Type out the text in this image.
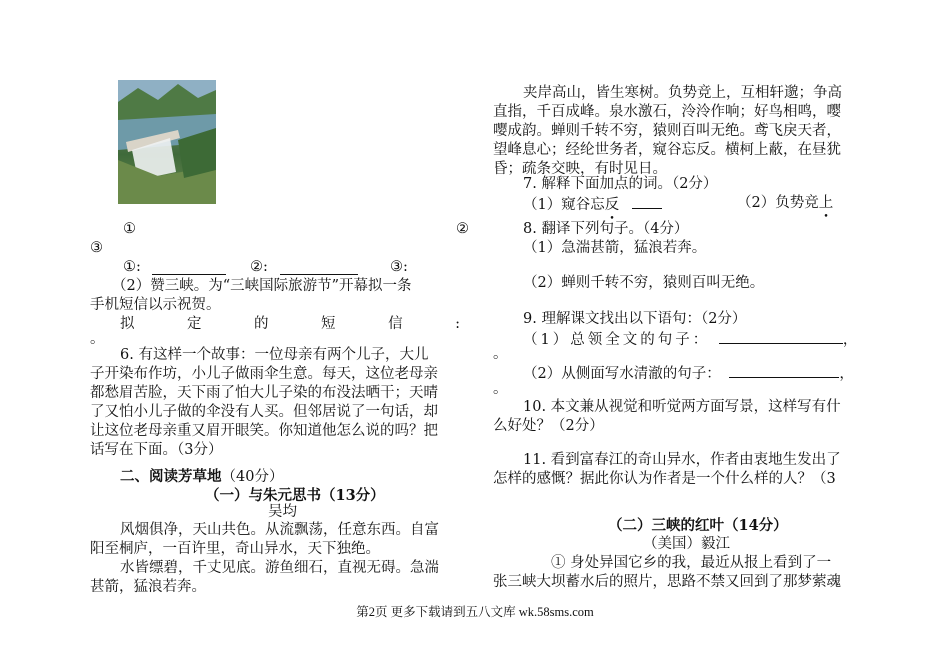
①	②
③
①:	②:	③:
（2）赞三峡。为“三峡国际旅游节”开幕拟一条
手机短信以示祝贺。
拟	定	的	短	信	:
。
6. 有这样一个故事：一位母亲有两个儿子，大儿
子开染布作坊，小儿子做雨伞生意。每天，这位老母亲
都愁眉苦脸，天下雨了怕大儿子染的布没法晒干；天晴
了又怕小儿子做的伞没有人买。但邻居说了一句话，却
让这位老母亲重又眉开眼笑。你知道他怎么说的吗？把
话写在下面。（3分）
二、阅读芳草地（40分）
（一）与朱元思书（13分）
吴均
风烟俱净，天山共色。从流飘荡，任意东西。自富
阳至桐庐，一百许里，奇山异水，天下独绝。
水皆缥碧，千丈见底。游鱼细石，直视无碍。急湍
甚箭，猛浪若奔。
夹岸高山，皆生寒树。负势竞上，互相轩邈；争高
直指，千百成峰。泉水激石，泠泠作响；好鸟相鸣，嘤
嘤成韵。蝉则千转不穷，猿则百叫无绝。鸢飞戾天者，
望峰息心；经纶世务者，窥谷忘反。横柯上蔽，在昼犹
昏；疏条交映，有时见日。
7. 解释下面加点的词。（2分）
（1）窥谷忘反	（2）负势竞上
8. 翻译下列句子。（4分）
（1）急湍甚箭，猛浪若奔。
（2）蝉则千转不穷，猿则百叫无绝。
9. 理解课文找出以下语句：（2分）
（1）总领全文的句子：	，
。
（2）从侧面写水清澈的句子：	，
。
10. 本文兼从视觉和听觉两方面写景，这样写有什
么好处？（2分）
11. 看到富春江的奇山异水，作者由衷地生发出了
怎样的感慨？据此你认为作者是一个什么样的人？（3
（二）三峡的红叶（14分）
（美国）毅江
① 身处异国它乡的我，最近从报上看到了一
张三峡大坝蓄水后的照片，思路不禁又回到了那梦萦魂
第2页 更多下载请到五八文库 wk.58sms.com
